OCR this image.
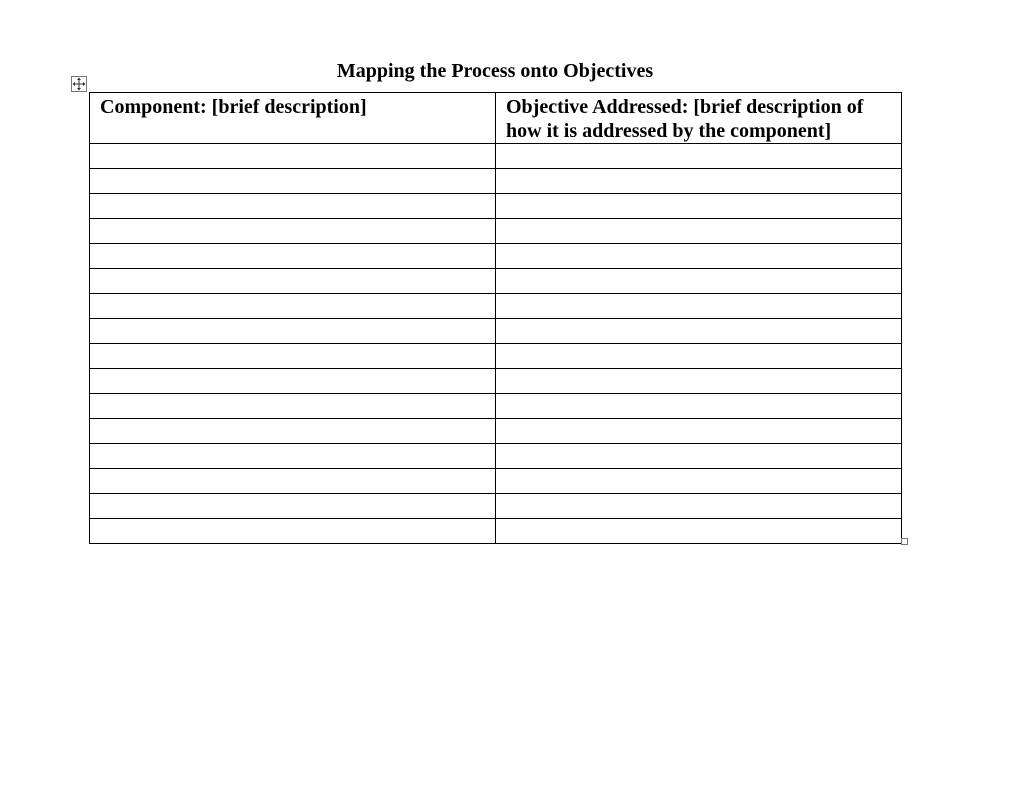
Mapping the Process onto Objectives
Component: [brief description]	Objective Addressed: [brief description of how it is addressed by the component]
